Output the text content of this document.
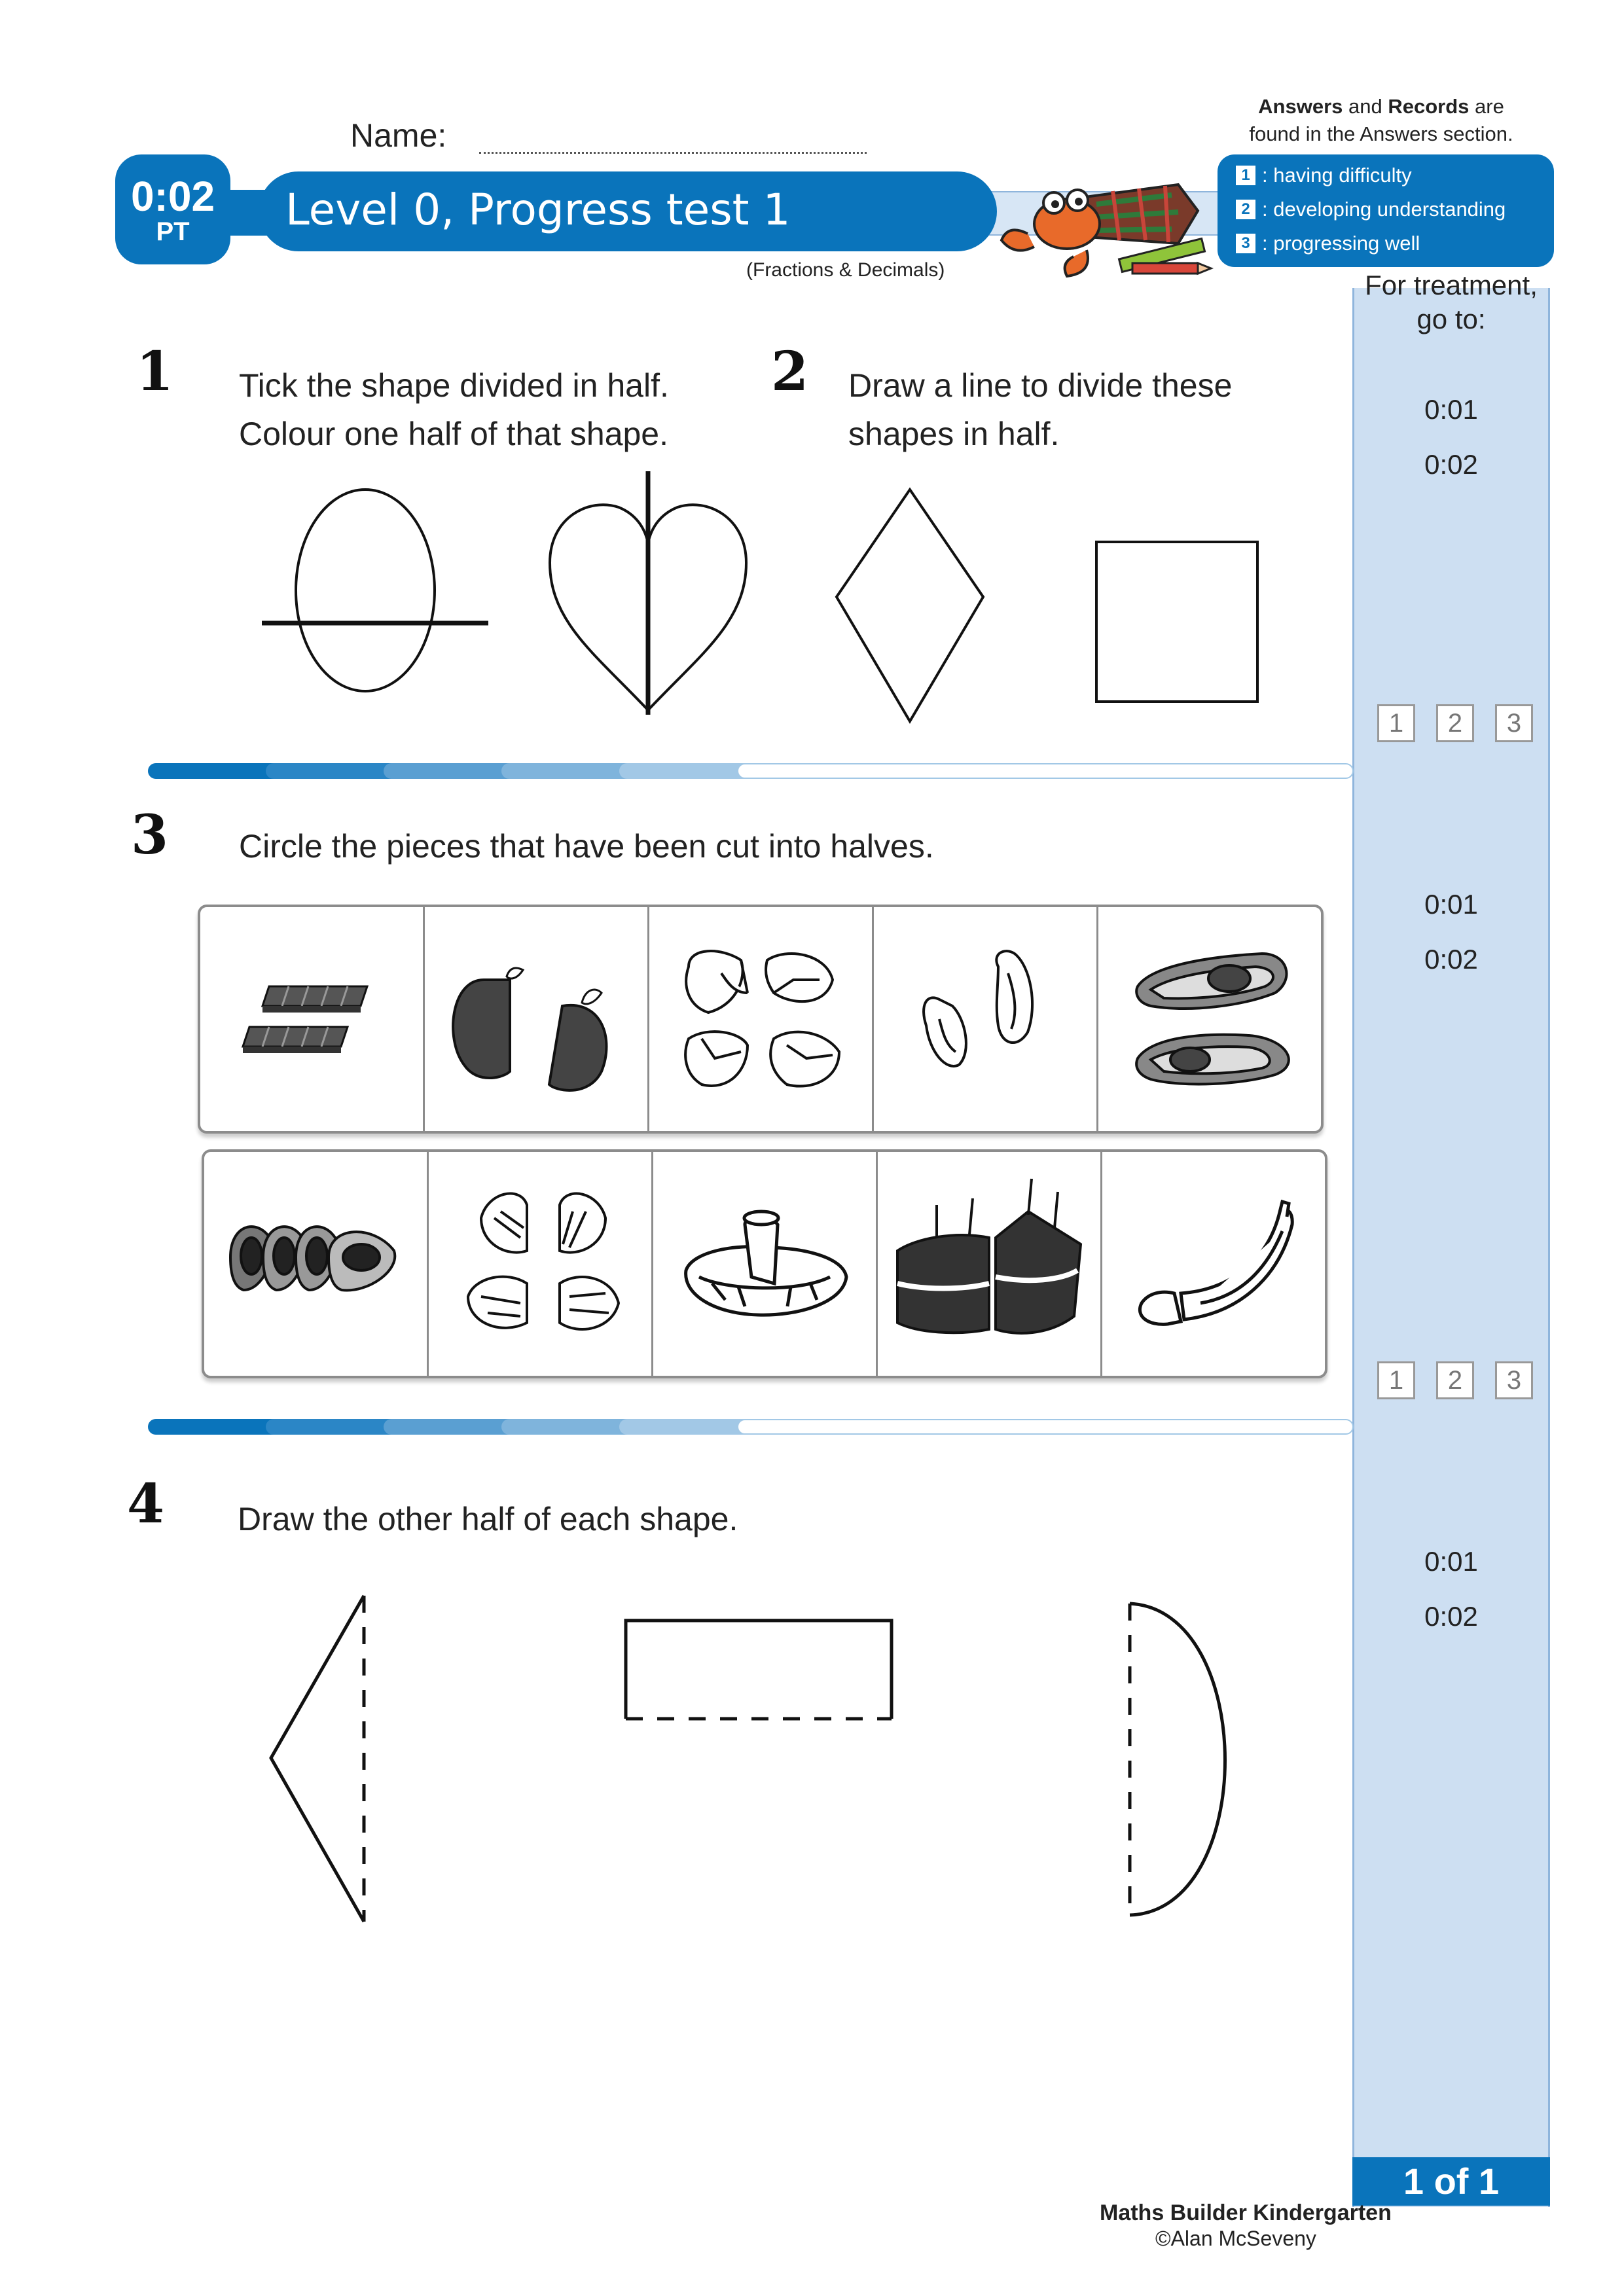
Name:
Answers and Records are
found in the Answers section.
0:02
PT	Level 0, Progress test 1
(Fractions & Decimals)
1 : having difficulty
2 : developing understanding
3 : progressing well
For treatment,
go to:
0:01
0:02
1	2	3
0:01
0:02
1	2	3
0:01
0:02
1 of 1
1 Tick the shape divided in half.
Colour one half of that shape.
2 Draw a line to divide these
shapes in half.
3 Circle the pieces that have been cut into halves.
4 Draw the other half of each shape.
Maths Builder Kindergarten
©Alan McSeveny
